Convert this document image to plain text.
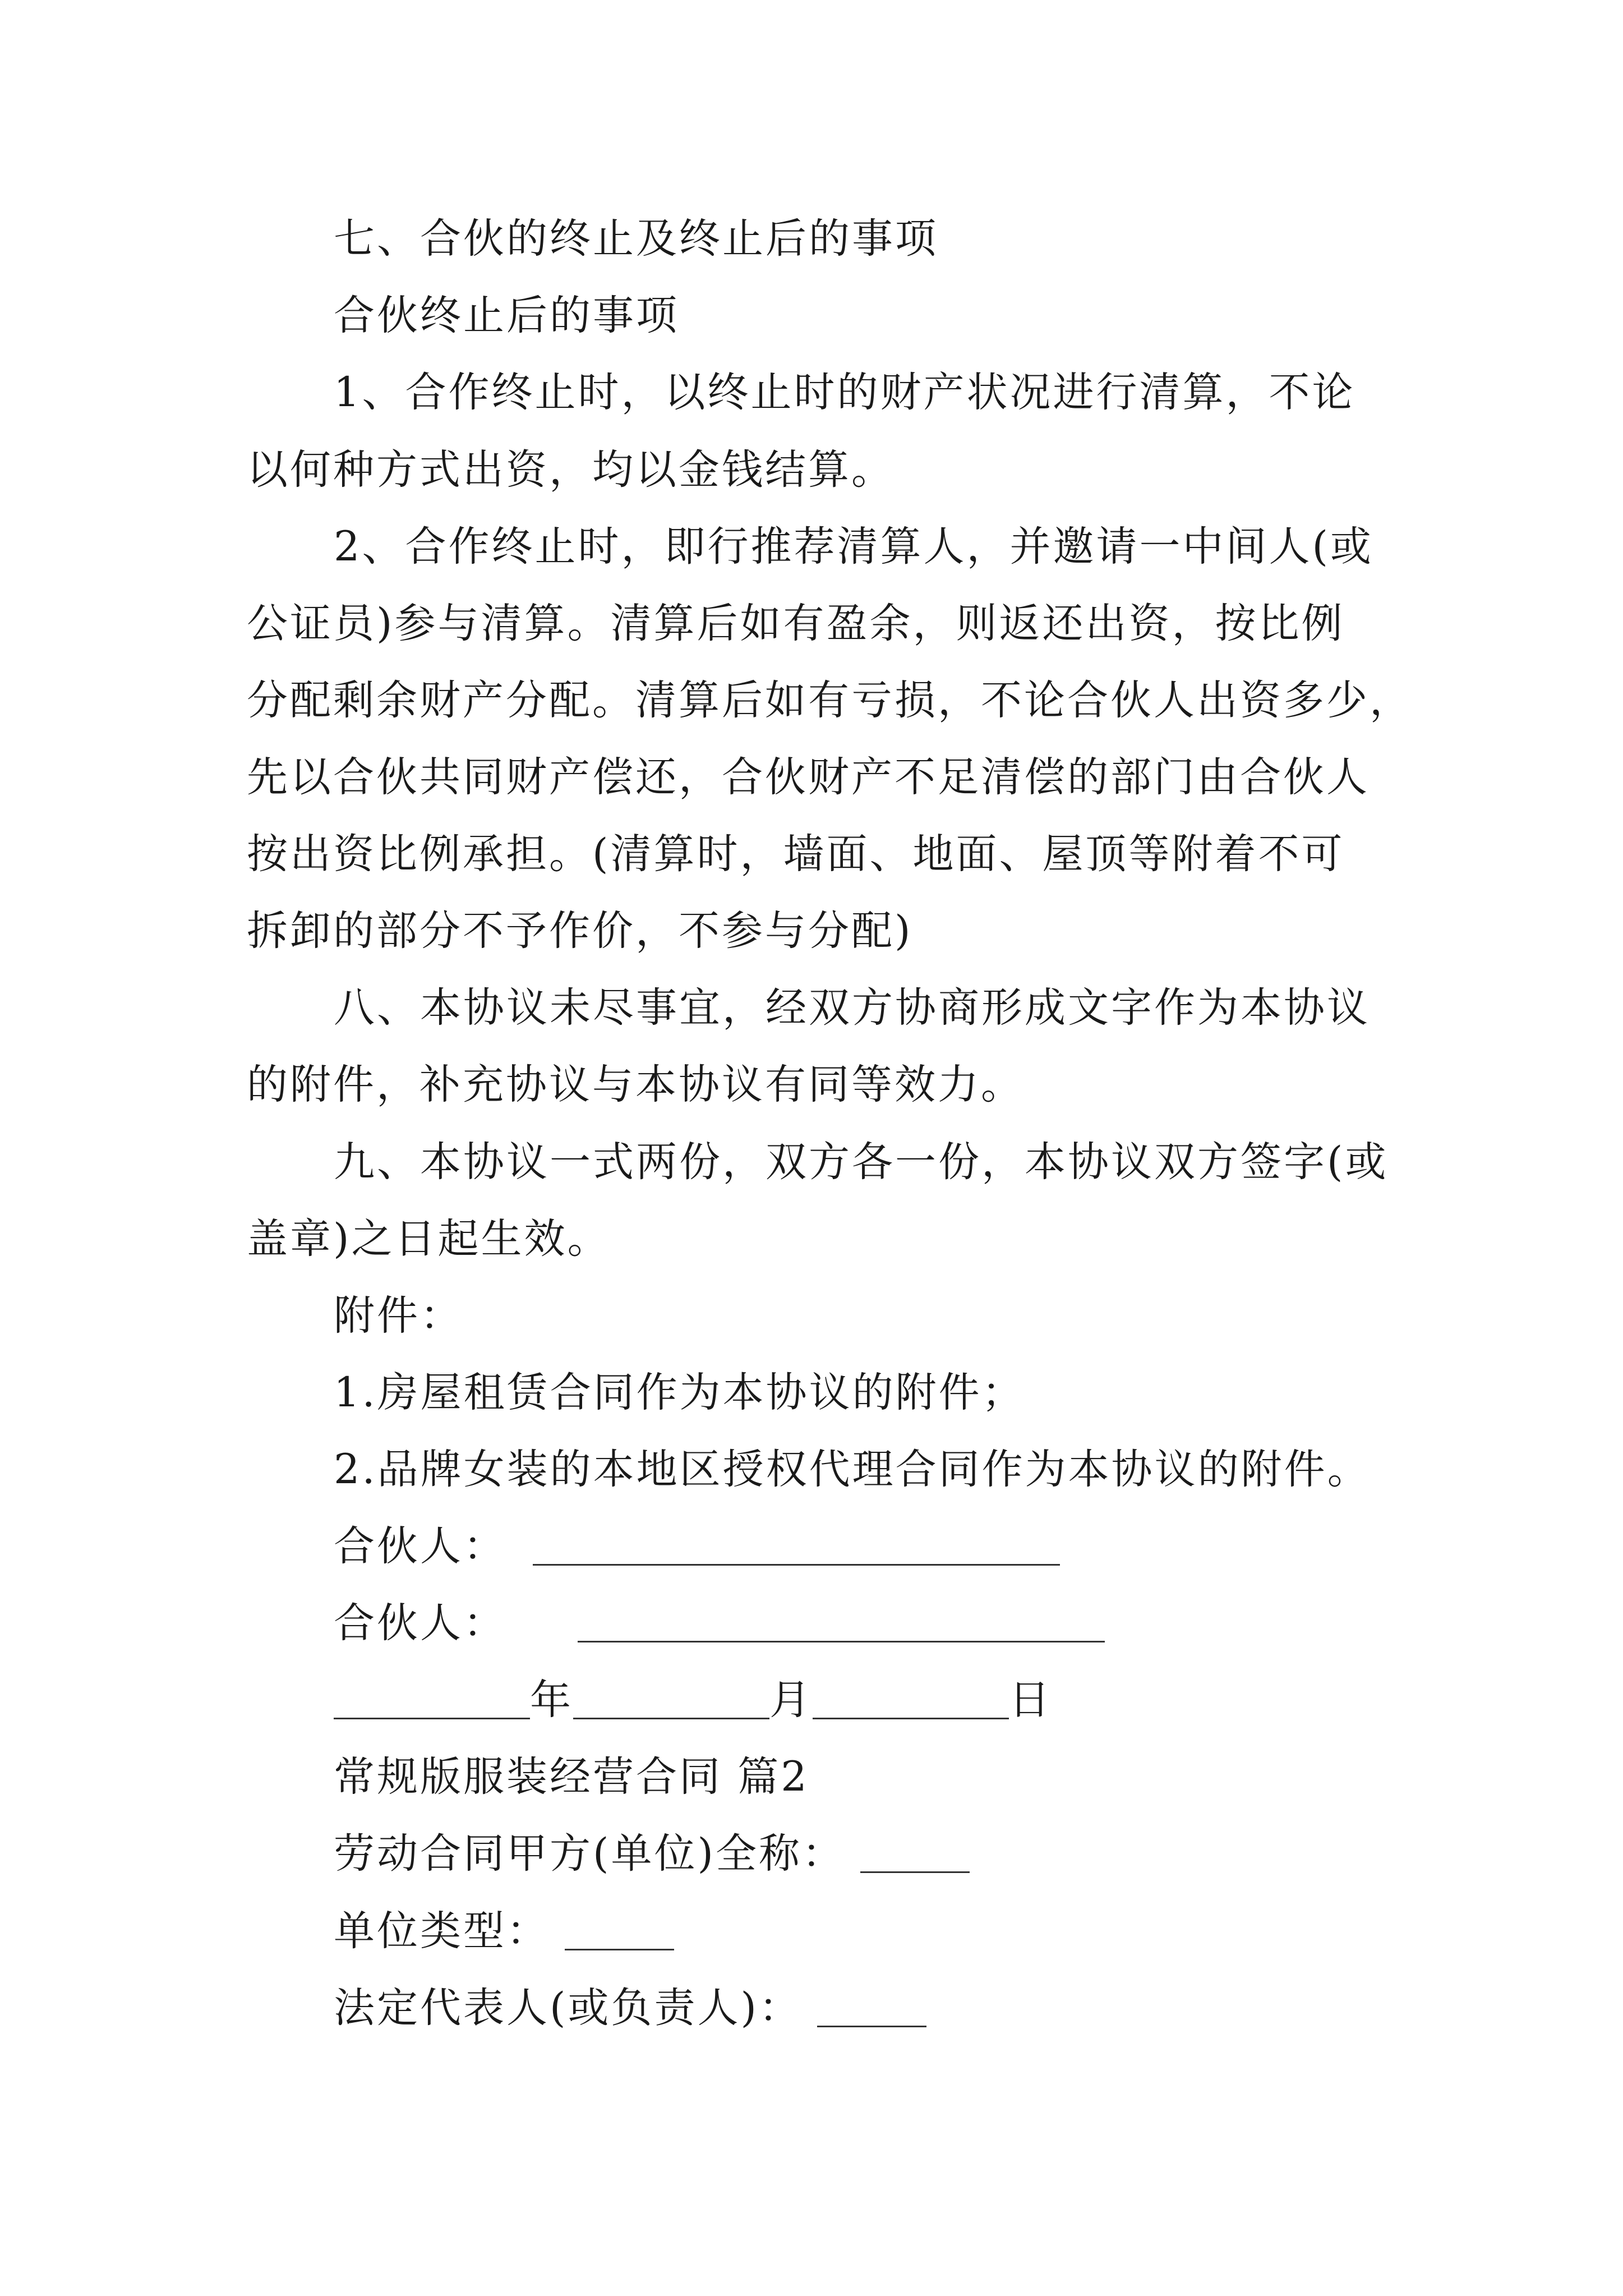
七、合伙的终止及终止后的事项
合伙终止后的事项
1、合作终止时，以终止时的财产状况进行清算，不论
以何种方式出资，均以金钱结算。
2、合作终止时，即行推荐清算人，并邀请一中间人(或
公证员)参与清算。清算后如有盈余，则返还出资，按比例
分配剩余财产分配。清算后如有亏损，不论合伙人出资多少，
先以合伙共同财产偿还，合伙财产不足清偿的部门由合伙人
按出资比例承担。(清算时，墙面、地面、屋顶等附着不可
拆卸的部分不予作价，不参与分配)
八、本协议未尽事宜，经双方协商形成文字作为本协议
的附件，补充协议与本协议有同等效力。
九、本协议一式两份，双方各一份，本协议双方签字(或
盖章)之日起生效。
附件：
1.房屋租赁合同作为本协议的附件；
2.品牌女装的本地区授权代理合同作为本协议的附件。
合伙人：
合伙人：
年	月	日
常规版服装经营合同 篇2
劳动合同甲方(单位)全称：
单位类型：
法定代表人(或负责人)：
